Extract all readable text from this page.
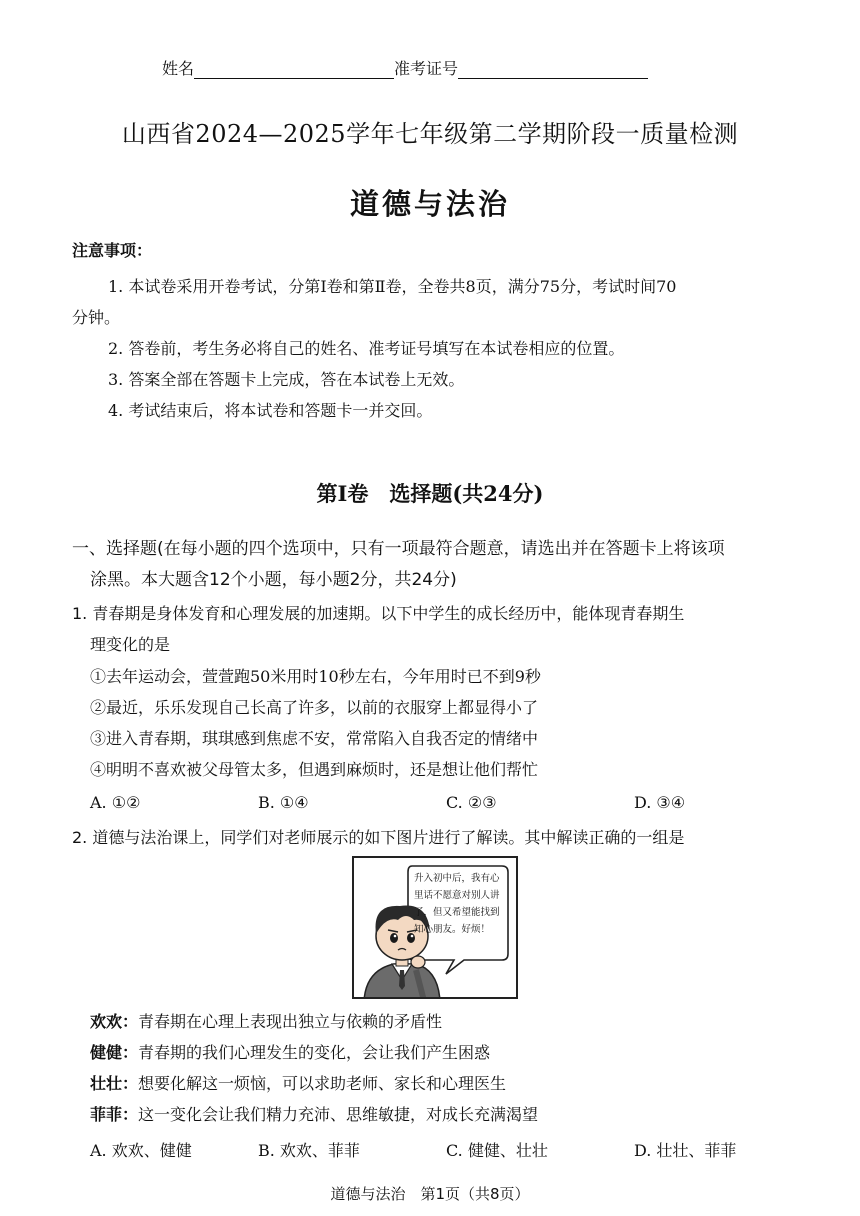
姓名	准考证号
山西省2024—2025学年七年级第二学期阶段一质量检测
道德与法治
注意事项：
1. 本试卷采用开卷考试，分第Ⅰ卷和第Ⅱ卷，全卷共8页，满分75分，考试时间70
分钟。
2. 答卷前，考生务必将自己的姓名、准考证号填写在本试卷相应的位置。
3. 答案全部在答题卡上完成，答在本试卷上无效。
4. 考试结束后，将本试卷和答题卡一并交回。
第Ⅰ卷　选择题(共24分)
一、选择题(在每小题的四个选项中，只有一项最符合题意，请选出并在答题卡上将该项
涂黑。本大题含12个小题，每小题2分，共24分)
1. 青春期是身体发育和心理发展的加速期。以下中学生的成长经历中，能体现青春期生
理变化的是
①去年运动会，萱萱跑50米用时10秒左右，今年用时已不到9秒
②最近，乐乐发现自己长高了许多，以前的衣服穿上都显得小了
③进入青春期，琪琪感到焦虑不安，常常陷入自我否定的情绪中
④明明不喜欢被父母管太多，但遇到麻烦时，还是想让他们帮忙
A. ①②	B. ①④	C. ②③	D. ③④
2. 道德与法治课上，同学们对老师展示的如下图片进行了解读。其中解读正确的一组是
升入初中后，我有心里话不愿意对别人讲了，但又希望能找到知心朋友。好烦！
欢欢：青春期在心理上表现出独立与依赖的矛盾性
健健：青春期的我们心理发生的变化，会让我们产生困惑
壮壮：想要化解这一烦恼，可以求助老师、家长和心理医生
菲菲：这一变化会让我们精力充沛、思维敏捷，对成长充满渴望
A. 欢欢、健健	B. 欢欢、菲菲	C. 健健、壮壮	D. 壮壮、菲菲
道德与法治　第1页（共8页）
